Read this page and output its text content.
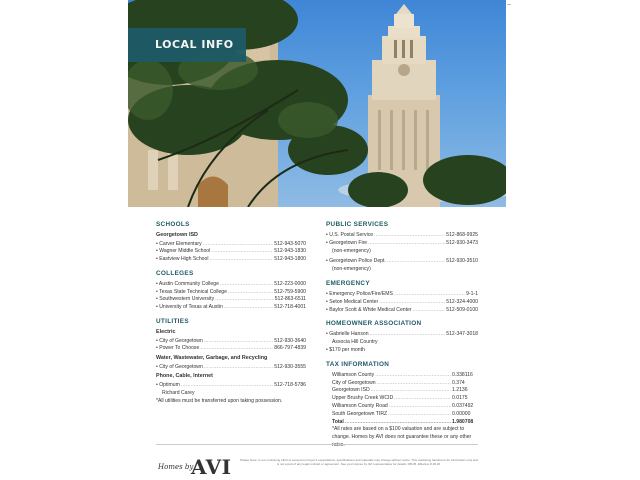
LOCAL INFO
SCHOOLS
Georgetown ISD
• Carver Elementary .....	512-943-5070
• Wagner Middle School .....	512-943-1830
• Eastview High School .....	512-943-1800
COLLEGES
• Austin Community College .....	512-223-0000
• Texas State Technical College .....	512-759-5900
• Southwestern University .....	512-863-6511
• University of Texas at Austin .....	512-718-4001
UTILITIES
Electric
• City of Georgetown .....	512-930-3640
• Power To Choose .....	866-797-4839
Water, Wastewater, Garbage, and Recycling
• City of Georgetown .....	512-930-3555
Phone, Cable, Internet
• Optimum .....	512-718-5786
Richard Carey
*All utilities must be transferred upon taking possession.
PUBLIC SERVICES
• U.S. Postal Service .....	512-868-9925
• Georgetown Fire .....	512-930-3473
(non-emergency)
• Georgetown Police Dept. .....	512-930-3510
(non-emergency)
EMERGENCY
• Emergency Police/Fire/EMS .....	9-1-1
• Seton Medical Center .....	512-324-4000
• Baylor Scott & White Medical Center .....	512-509-0100
HOMEOWNER ASSOCIATION
• Gabrielle Hanson .....	512-347-3018
Associa Hill Country
• $170 per month
TAX INFORMATION
Williamson County .....	0.338116
City of Georgetown .....	0.374
Georgetown ISD .....	1.2136
Upper Brushy Creek WCID .....	0.0175
Williamson County Road .....	0.037492
South Georgetown TIRZ .....	0.00000
Total .....	1.980708
*All rates are based on a $100 valuation and are subject to change. Homes by AVI does not guarantee these or any other
Homes by
AVI	Please Note: In our continuing effort to exceed our buyer's expectations, specifications and materials may change without notice. This marketing handout is for information only and is not a part of any legal contract or agreement. See your Homes by AVI representative for details. DB-05. Effective 8.18.20.
